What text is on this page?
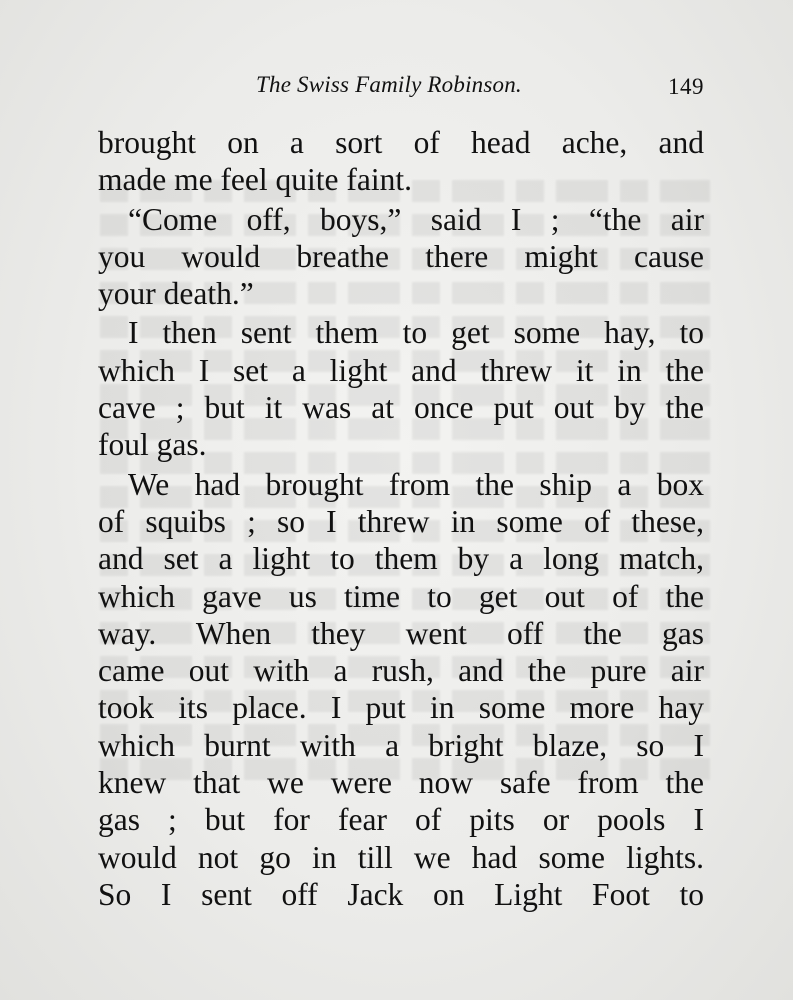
The Swiss Family Robinson.	149
brought on a sort of head ache, and
made me feel quite faint.
“Come off, boys,” said I ; “the air
you would breathe there might cause
your death.”
I then sent them to get some hay, to
which I set a light and threw it in the
cave ; but it was at once put out by the
foul gas.
We had brought from the ship a box
of squibs ; so I threw in some of these,
and set a light to them by a long match,
which gave us time to get out of the
way. When they went off the gas
came out with a rush, and the pure air
took its place. I put in some more hay
which burnt with a bright blaze, so I
knew that we were now safe from the
gas ; but for fear of pits or pools I
would not go in till we had some lights.
So I sent off Jack on Light Foot to
